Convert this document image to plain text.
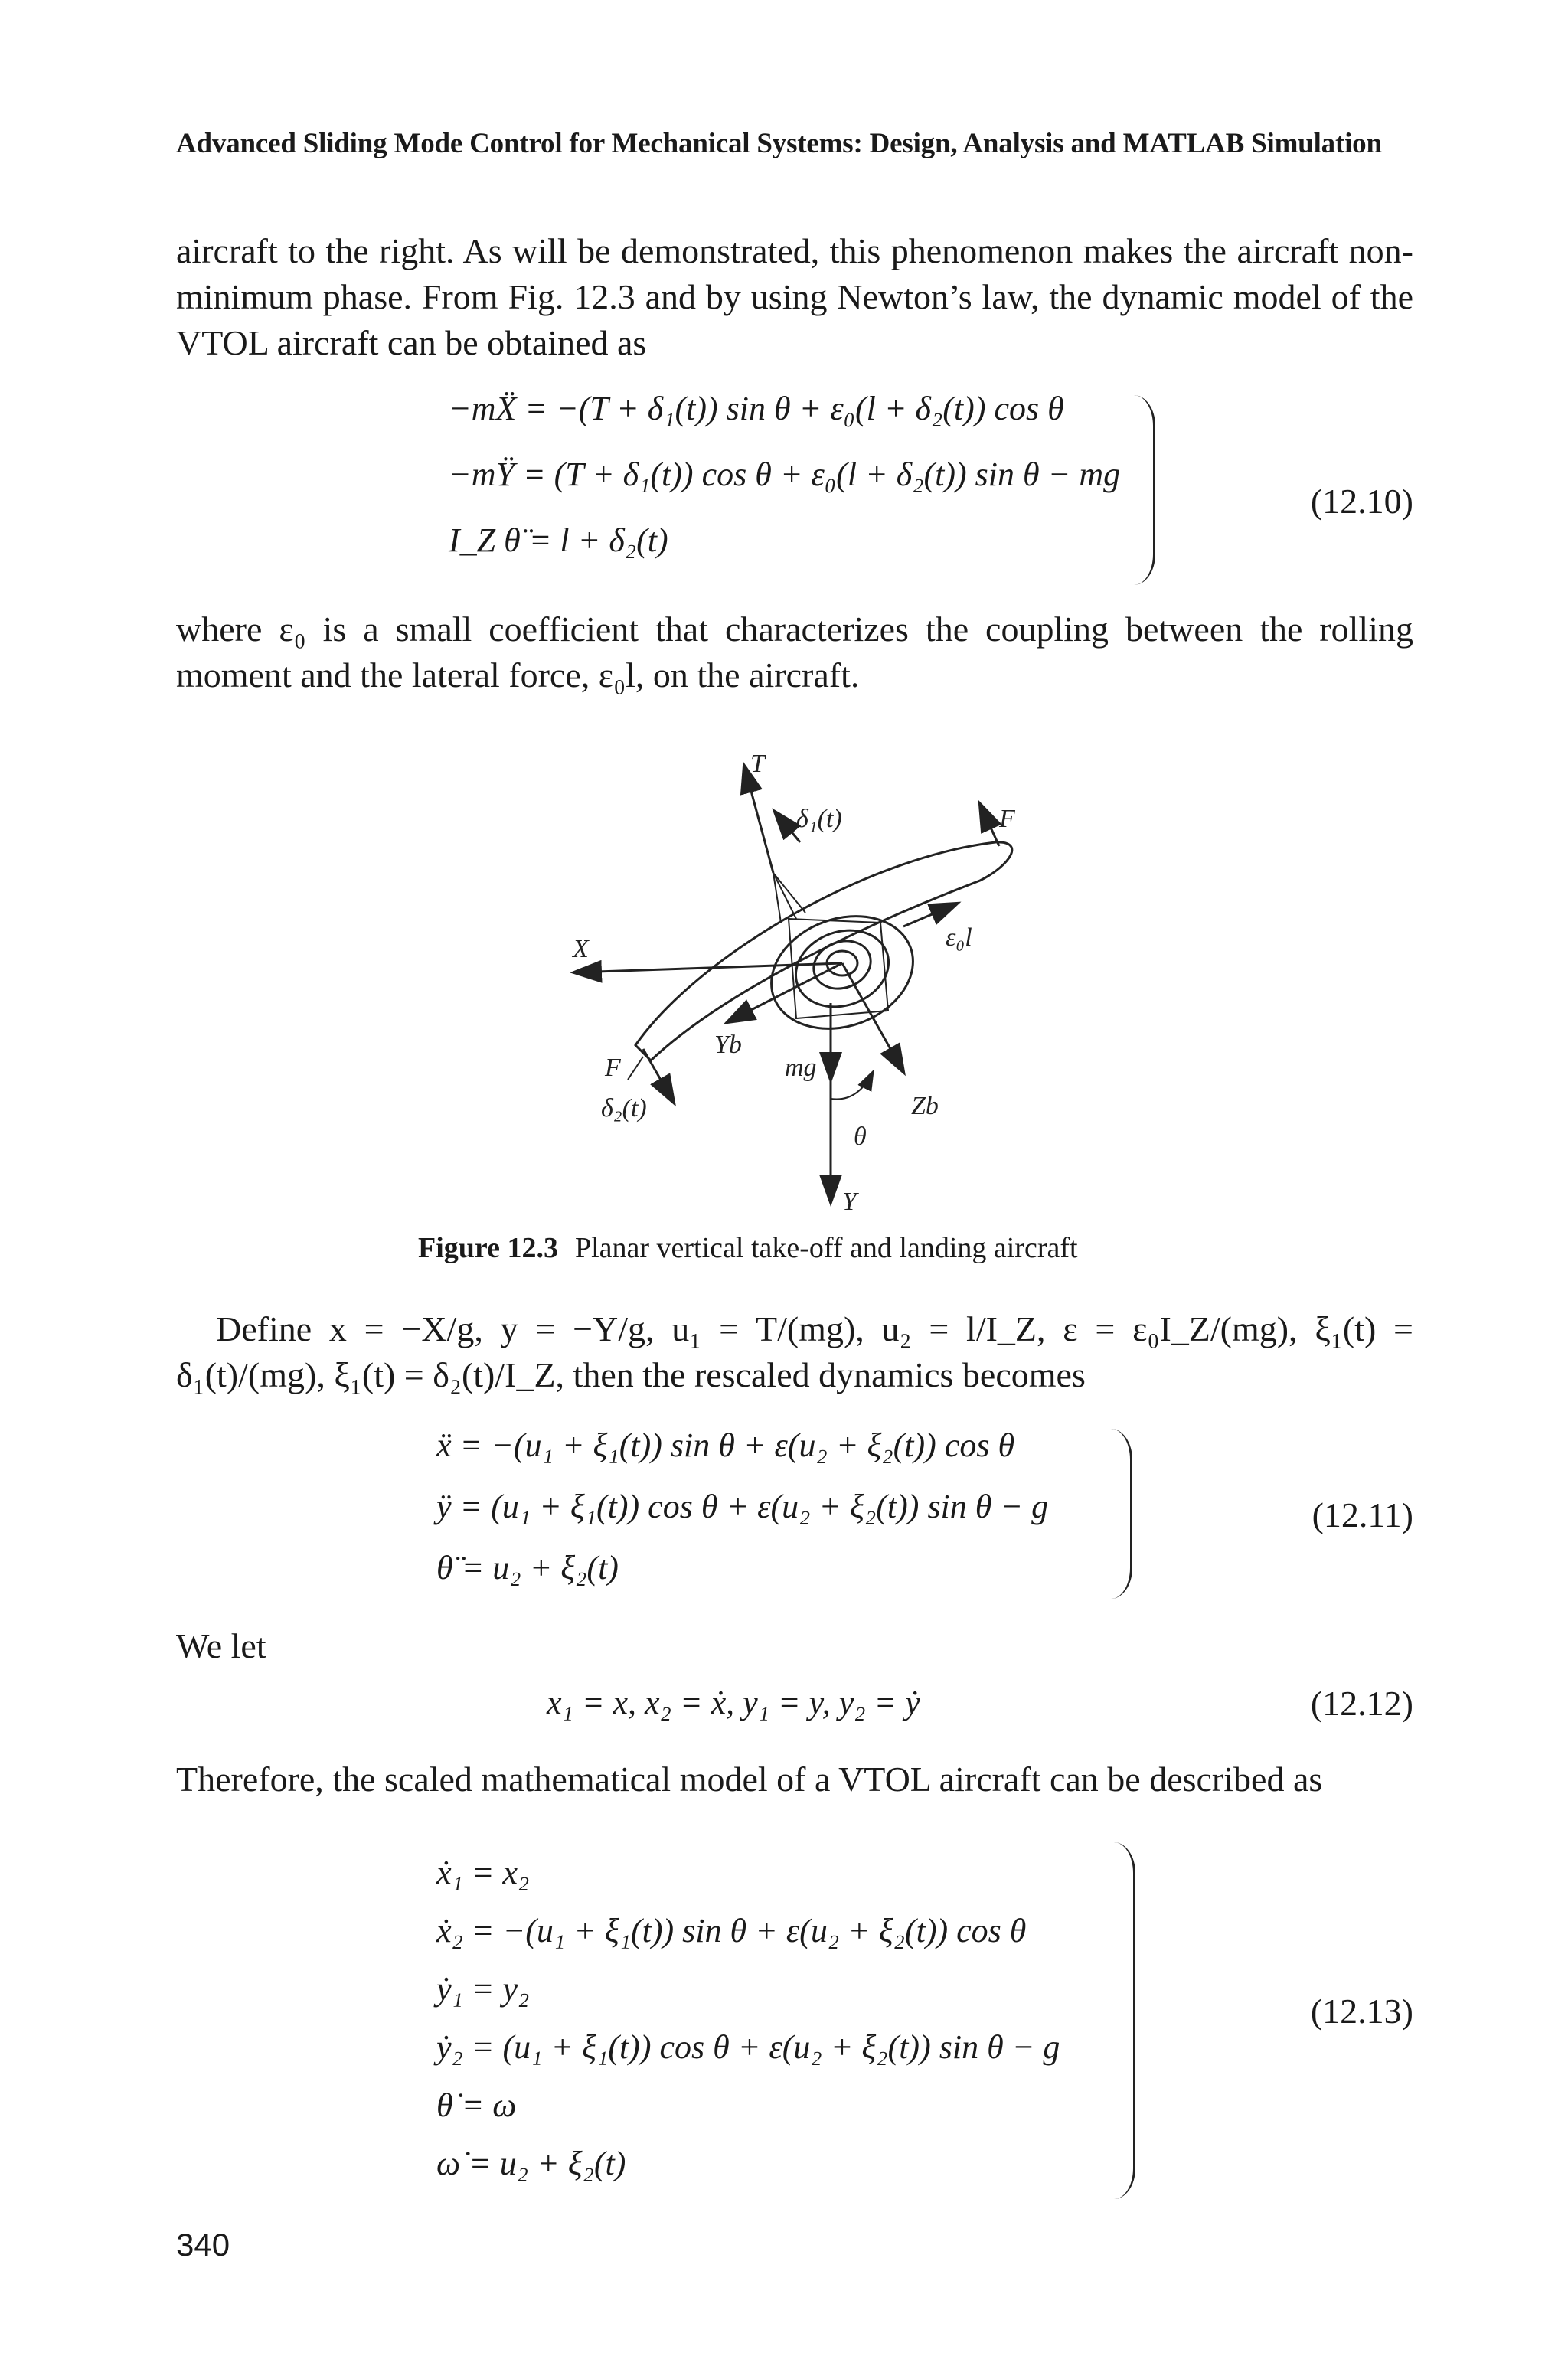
Advanced Sliding Mode Control for Mechanical Systems: Design, Analysis and MATLAB Simulation

aircraft to the right. As will be demonstrated, this phenomenon makes the aircraft non-minimum phase. From Fig. 12.3 and by using Newton’s law, the dynamic model of the VTOL aircraft can be obtained as

−mẌ = −(T + δ₁(t)) sin θ + ε₀(l + δ₂(t)) cos θ
−mŸ = (T + δ₁(t)) cos θ + ε₀(l + δ₂(t)) sin θ − mg
I_Z θ̈ = l + δ₂(t)
(12.10)

where ε₀ is a small coefficient that characterizes the coupling between the rolling moment and the lateral force, ε₀l, on the aircraft.

T
δ₁(t)	F
X	ε₀l
Yb
F	mg
δ₂(t)	Zb
θ
Y
Figure 12.3 Planar vertical take-off and landing aircraft

Define x = −X/g, y = −Y/g, u₁ = T/(mg), u₂ = l/I_Z, ε = ε₀I_Z/(mg), ξ₁(t) = δ₁(t)/(mg), ξ₁(t) = δ₂(t)/I_Z, then the rescaled dynamics becomes

ẍ = −(u₁ + ξ₁(t)) sin θ + ε(u₂ + ξ₂(t)) cos θ
ÿ = (u₁ + ξ₁(t)) cos θ + ε(u₂ + ξ₂(t)) sin θ − g
θ̈ = u₂ + ξ₂(t)
(12.11)

We let

x₁ = x, x₂ = ẋ, y₁ = y, y₂ = ẏ	(12.12)

Therefore, the scaled mathematical model of a VTOL aircraft can be described as

ẋ₁ = x₂
ẋ₂ = −(u₁ + ξ₁(t)) sin θ + ε(u₂ + ξ₂(t)) cos θ
ẏ₁ = y₂
ẏ₂ = (u₁ + ξ₁(t)) cos θ + ε(u₂ + ξ₂(t)) sin θ − g
θ̇ = ω
ω̇ = u₂ + ξ₂(t)
(12.13)
340
